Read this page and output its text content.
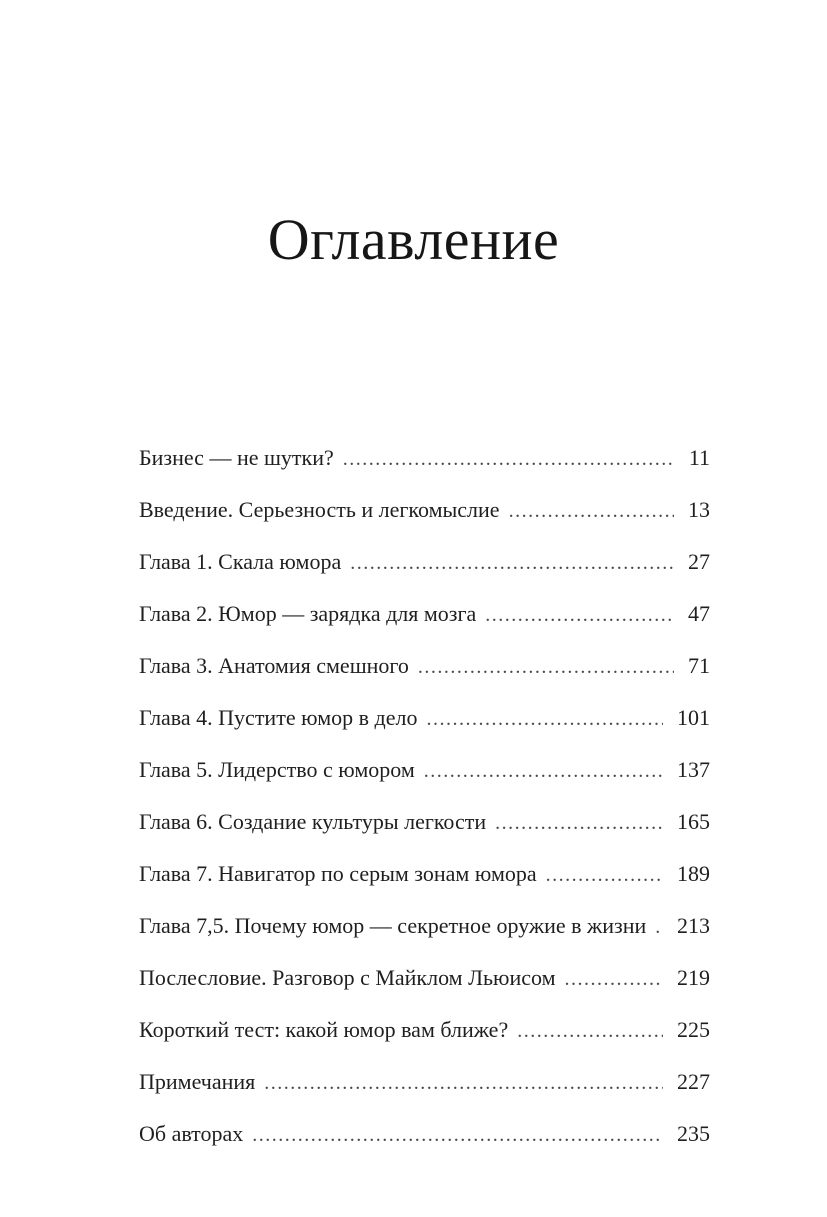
Оглавление
Бизнес — не шутки? .....	11
Введение. Серьезность и легкомыслие .....	13
Глава 1. Скала юмора .....	27
Глава 2. Юмор — зарядка для мозга .....	47
Глава 3. Анатомия смешного .....	71
Глава 4. Пустите юмор в дело .....	101
Глава 5. Лидерство с юмором .....	137
Глава 6. Создание культуры легкости .....	165
Глава 7. Навигатор по серым зонам юмора .....	189
Глава 7,5. Почему юмор — секретное оружие в жизни ..... 213
Послесловие. Разговор с Майклом Льюисом .....	219
Короткий тест: какой юмор вам ближе? .....	225
Примечания .....	227
Об авторах .....	235
